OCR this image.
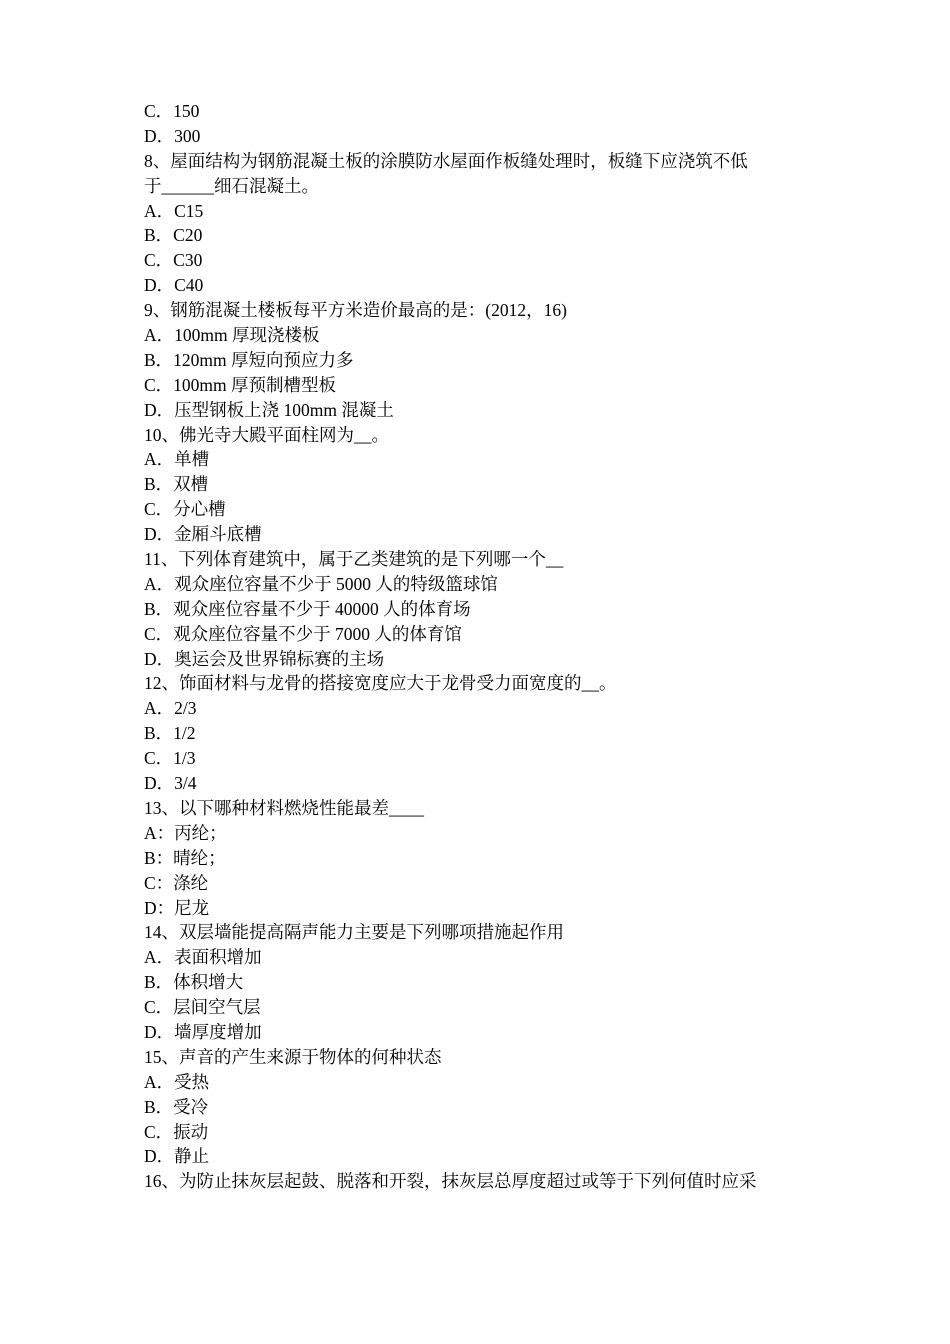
C．150
D．300
8、屋面结构为钢筋混凝土板的涂膜防水屋面作板缝处理时，板缝下应浇筑不低
于______细石混凝土。
A．C15
B．C20
C．C30
D．C40
9、钢筋混凝土楼板每平方米造价最高的是：(2012，16)
A．100mm 厚现浇楼板
B．120mm 厚短向预应力多
C．100mm 厚预制槽型板
D．压型钢板上浇 100mm 混凝土
10、佛光寺大殿平面柱网为__。
A．单槽
B．双槽
C．分心槽
D．金厢斗底槽
11、下列体育建筑中，属于乙类建筑的是下列哪一个__
A．观众座位容量不少于 5000 人的特级篮球馆
B．观众座位容量不少于 40000 人的体育场
C．观众座位容量不少于 7000 人的体育馆
D．奥运会及世界锦标赛的主场
12、饰面材料与龙骨的搭接宽度应大于龙骨受力面宽度的__。
A．2/3
B．1/2
C．1/3
D．3/4
13、以下哪种材料燃烧性能最差____
A：丙纶；
B：晴纶；
C：涤纶
D：尼龙
14、双层墙能提高隔声能力主要是下列哪项措施起作用
A．表面积增加
B．体积增大
C．层间空气层
D．墙厚度增加
15、声音的产生来源于物体的何种状态
A．受热
B．受冷
C．振动
D．静止
16、为防止抹灰层起鼓、脱落和开裂，抹灰层总厚度超过或等于下列何值时应采
